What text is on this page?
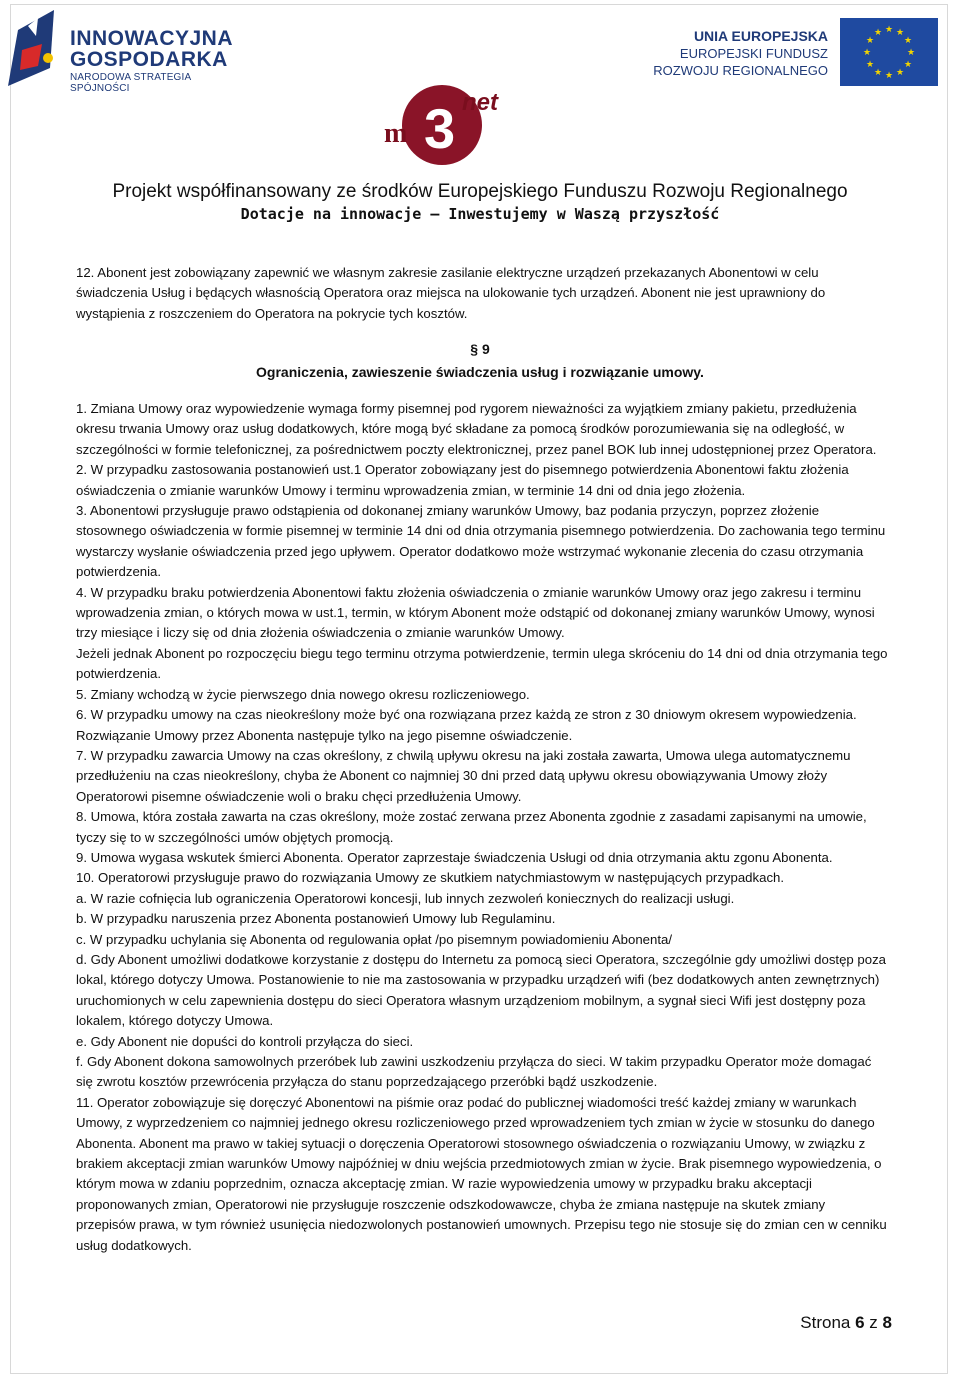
INNOWACYJNA
GOSPODARKA
NARODOWA STRATEGIA SPÓJNOŚCI
UNIA EUROPEJSKA
EUROPEJSKI FUNDUSZ
ROZWOJU REGIONALNEGO
★ ★
★
★
★
★
★
★
★
★
★
★
m 3 net
Projekt współfinansowany ze środków Europejskiego Funduszu Rozwoju Regionalnego
Dotacje na innowacje – Inwestujemy w Waszą przyszłość
12. Abonent jest zobowiązany zapewnić we własnym zakresie zasilanie elektryczne urządzeń przekazanych Abonentowi w celu świadczenia Usług i będących własnością Operatora oraz miejsca na ulokowanie tych urządzeń. Abonent nie jest uprawniony do wystąpienia z roszczeniem do Operatora na pokrycie tych kosztów.
§ 9
Ograniczenia, zawieszenie świadczenia usług i rozwiązanie umowy.

1. Zmiana Umowy oraz wypowiedzenie wymaga formy pisemnej pod rygorem nieważności za wyjątkiem zmiany pakietu, przedłużenia okresu trwania Umowy oraz usług dodatkowych, które mogą być składane za pomocą środków porozumiewania się na odległość, w szczególności w formie telefonicznej, za pośrednictwem poczty elektronicznej, przez panel BOK lub innej udostępnionej przez Operatora.

2. W przypadku zastosowania postanowień ust.1 Operator zobowiązany jest do pisemnego potwierdzenia Abonentowi faktu złożenia oświadczenia o zmianie warunków Umowy i terminu wprowadzenia zmian, w terminie 14 dni od dnia jego złożenia.

3. Abonentowi przysługuje prawo odstąpienia od dokonanej zmiany warunków Umowy, baz podania przyczyn, poprzez złożenie stosownego oświadczenia w formie pisemnej w terminie 14 dni od dnia otrzymania pisemnego potwierdzenia. Do zachowania tego terminu wystarczy wysłanie oświadczenia przed jego upływem. Operator dodatkowo może wstrzymać wykonanie zlecenia do czasu otrzymania potwierdzenia.

4. W przypadku braku potwierdzenia Abonentowi faktu złożenia oświadczenia o zmianie warunków Umowy oraz jego zakresu i terminu wprowadzenia zmian, o których mowa w ust.1, termin, w którym Abonent może odstąpić od dokonanej zmiany warunków Umowy, wynosi trzy miesiące i liczy się od dnia złożenia oświadczenia o zmianie warunków Umowy.

Jeżeli jednak Abonent po rozpoczęciu biegu tego terminu otrzyma potwierdzenie, termin ulega skróceniu do 14 dni od dnia otrzymania tego potwierdzenia.

5. Zmiany wchodzą w życie pierwszego dnia nowego okresu rozliczeniowego.

6. W przypadku umowy na czas nieokreślony może być ona rozwiązana przez każdą ze stron z 30 dniowym okresem wypowiedzenia. Rozwiązanie Umowy przez Abonenta następuje tylko na jego pisemne oświadczenie.

7. W przypadku zawarcia Umowy na czas określony, z chwilą upływu okresu na jaki została zawarta, Umowa ulega automatycznemu przedłużeniu na czas nieokreślony, chyba że Abonent co najmniej 30 dni przed datą upływu okresu obowiązywania Umowy złoży Operatorowi pisemne oświadczenie woli o braku chęci przedłużenia Umowy.

8. Umowa, która została zawarta na czas określony, może zostać zerwana przez Abonenta zgodnie z zasadami zapisanymi na umowie, tyczy się to w szczególności umów objętych promocją.

9. Umowa wygasa wskutek śmierci Abonenta. Operator zaprzestaje świadczenia Usługi od dnia otrzymania aktu zgonu Abonenta.

10. Operatorowi przysługuje prawo do rozwiązania Umowy ze skutkiem natychmiastowym w następujących przypadkach.

a. W razie cofnięcia lub ograniczenia Operatorowi koncesji, lub innych zezwoleń koniecznych do realizacji usługi.

b. W przypadku naruszenia przez Abonenta postanowień Umowy lub Regulaminu.

c. W przypadku uchylania się Abonenta od regulowania opłat /po pisemnym powiadomieniu Abonenta/

d. Gdy Abonent umożliwi dodatkowe korzystanie z dostępu do Internetu za pomocą sieci Operatora, szczególnie gdy umożliwi dostęp poza lokal, którego dotyczy Umowa. Postanowienie to nie ma zastosowania w przypadku urządzeń wifi (bez dodatkowych anten zewnętrznych) uruchomionych w celu zapewnienia dostępu do sieci Operatora własnym urządzeniom mobilnym, a sygnał sieci Wifi jest dostępny poza lokalem, którego dotyczy Umowa.

e. Gdy Abonent nie dopuści do kontroli przyłącza do sieci.

f. Gdy Abonent dokona samowolnych przeróbek lub zawini uszkodzeniu przyłącza do sieci. W takim przypadku Operator może domagać się zwrotu kosztów przewrócenia przyłącza do stanu poprzedzającego przeróbki bądź uszkodzenie.

11. Operator zobowiązuje się doręczyć Abonentowi na piśmie oraz podać do publicznej wiadomości treść każdej zmiany w warunkach Umowy, z wyprzedzeniem co najmniej jednego okresu rozliczeniowego przed wprowadzeniem tych zmian w życie w stosunku do danego Abonenta. Abonent ma prawo w takiej sytuacji o doręczenia Operatorowi stosownego oświadczenia o rozwiązaniu Umowy, w związku z brakiem akceptacji zmian warunków Umowy najpóźniej w dniu wejścia przedmiotowych zmian w życie. Brak pisemnego wypowiedzenia, o którym mowa w zdaniu poprzednim, oznacza akceptację zmian. W razie wypowiedzenia umowy w przypadku braku akceptacji proponowanych zmian, Operatorowi nie przysługuje roszczenie odszkodowawcze, chyba że zmiana następuje na skutek zmiany przepisów prawa, w tym również usunięcia niedozwolonych postanowień umownych. Przepisu tego nie stosuje się do zmian cen w cenniku usług dodatkowych.

Strona 6 z 8
